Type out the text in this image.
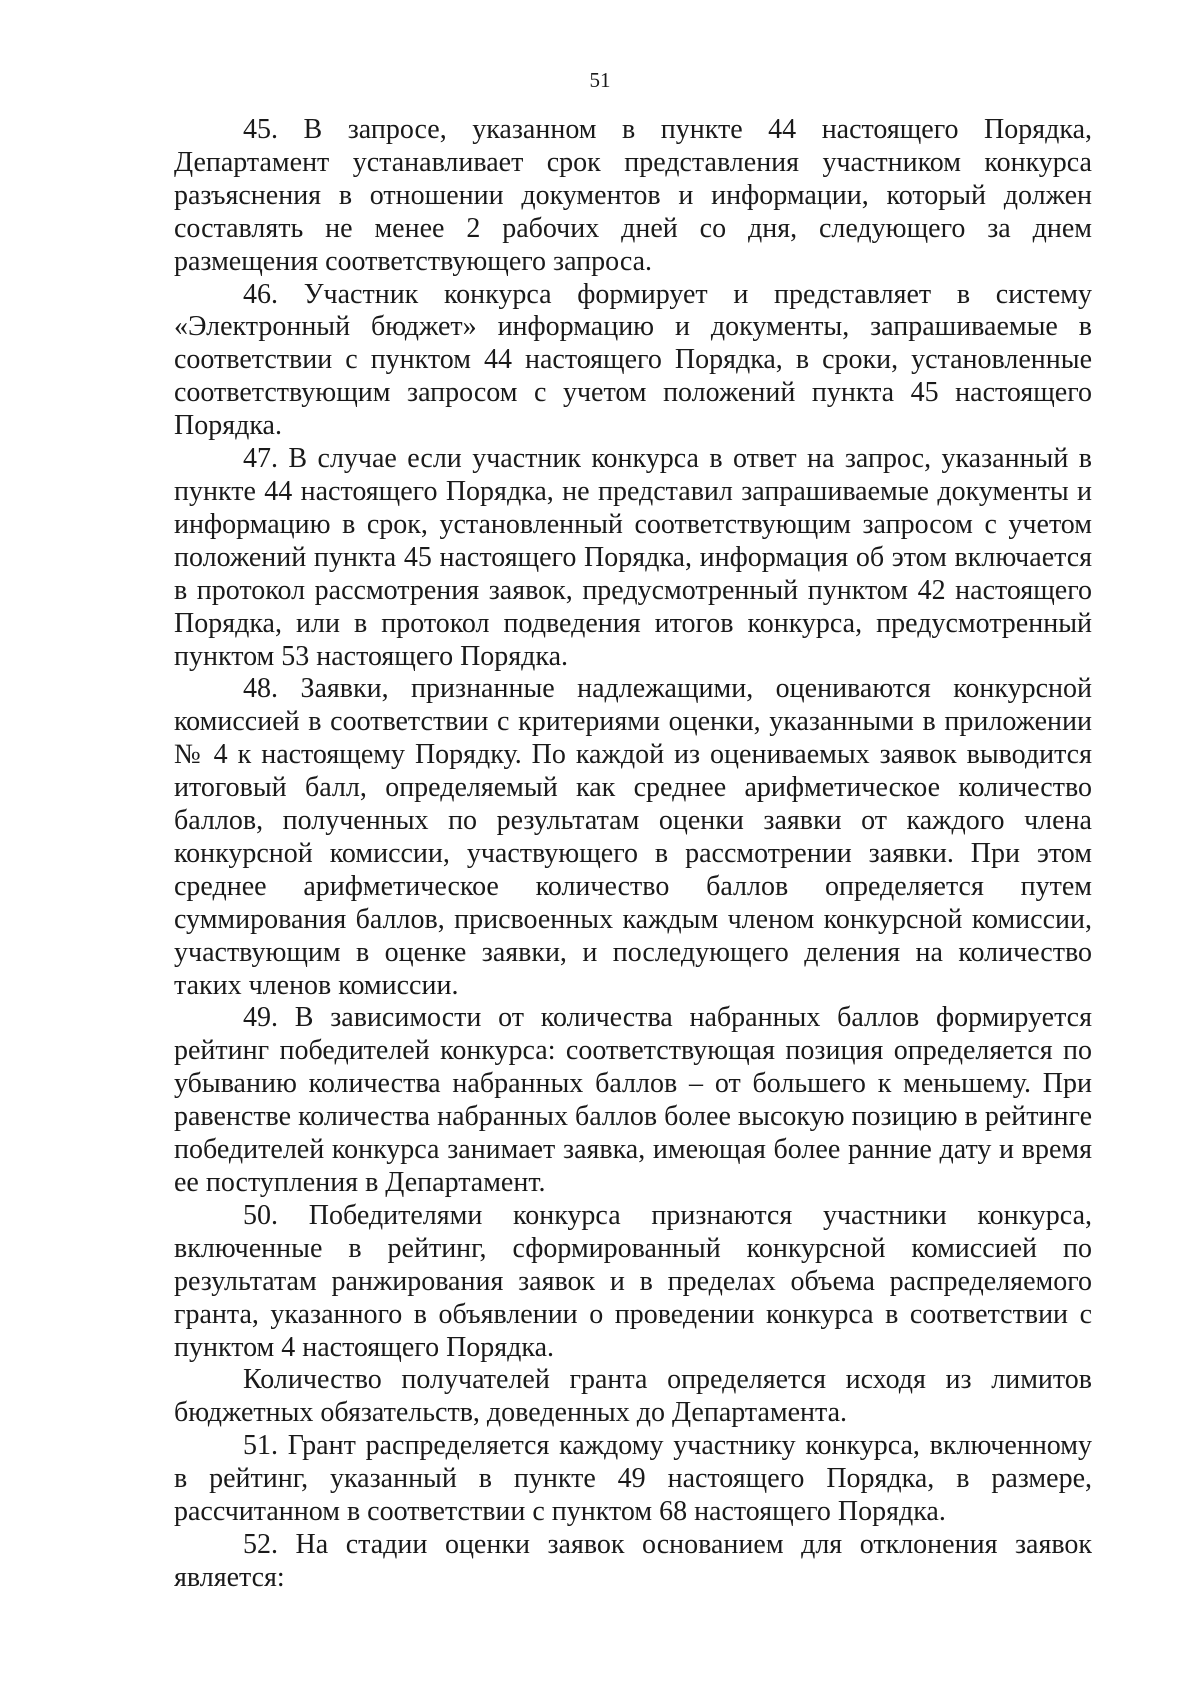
51

45. В запросе, указанном в пункте 44 настоящего Порядка, Департамент устанавливает срок представления участником конкурса разъяснения в отношении документов и информации, который должен составлять не менее 2 рабочих дней со дня, следующего за днем размещения соответствующего запроса.

46. Участник конкурса формирует и представляет в систему «Электронный бюджет» информацию и документы, запрашиваемые в соответствии с пунктом 44 настоящего Порядка, в сроки, установленные соответствующим запросом с учетом положений пункта 45 настоящего Порядка.

47. В случае если участник конкурса в ответ на запрос, указанный в пункте 44 настоящего Порядка, не представил запрашиваемые документы и информацию в срок, установленный соответствующим запросом с учетом положений пункта 45 настоящего Порядка, информация об этом включается в протокол рассмотрения заявок, предусмотренный пунктом 42 настоящего Порядка, или в протокол подведения итогов конкурса, предусмотренный пунктом 53 настоящего Порядка.

48. Заявки, признанные надлежащими, оцениваются конкурсной комиссией в соответствии с критериями оценки, указанными в приложении № 4 к настоящему Порядку. По каждой из оцениваемых заявок выводится итоговый балл, определяемый как среднее арифметическое количество баллов, полученных по результатам оценки заявки от каждого члена конкурсной комиссии, участвующего в рассмотрении заявки. При этом среднее арифметическое количество баллов определяется путем суммирования баллов, присвоенных каждым членом конкурсной комиссии, участвующим в оценке заявки, и последующего деления на количество таких членов комиссии.

49. В зависимости от количества набранных баллов формируется рейтинг победителей конкурса: соответствующая позиция определяется по убыванию количества набранных баллов – от большего к меньшему. При равенстве количества набранных баллов более высокую позицию в рейтинге победителей конкурса занимает заявка, имеющая более ранние дату и время ее поступления в Департамент.

50. Победителями конкурса признаются участники конкурса, включенные в рейтинг, сформированный конкурсной комиссией по результатам ранжирования заявок и в пределах объема распределяемого гранта, указанного в объявлении о проведении конкурса в соответствии с пунктом 4 настоящего Порядка.

Количество получателей гранта определяется исходя из лимитов бюджетных обязательств, доведенных до Департамента.

51. Грант распределяется каждому участнику конкурса, включенному в рейтинг, указанный в пункте 49 настоящего Порядка, в размере, рассчитанном в соответствии с пунктом 68 настоящего Порядка.

52. На стадии оценки заявок основанием для отклонения заявок является:
